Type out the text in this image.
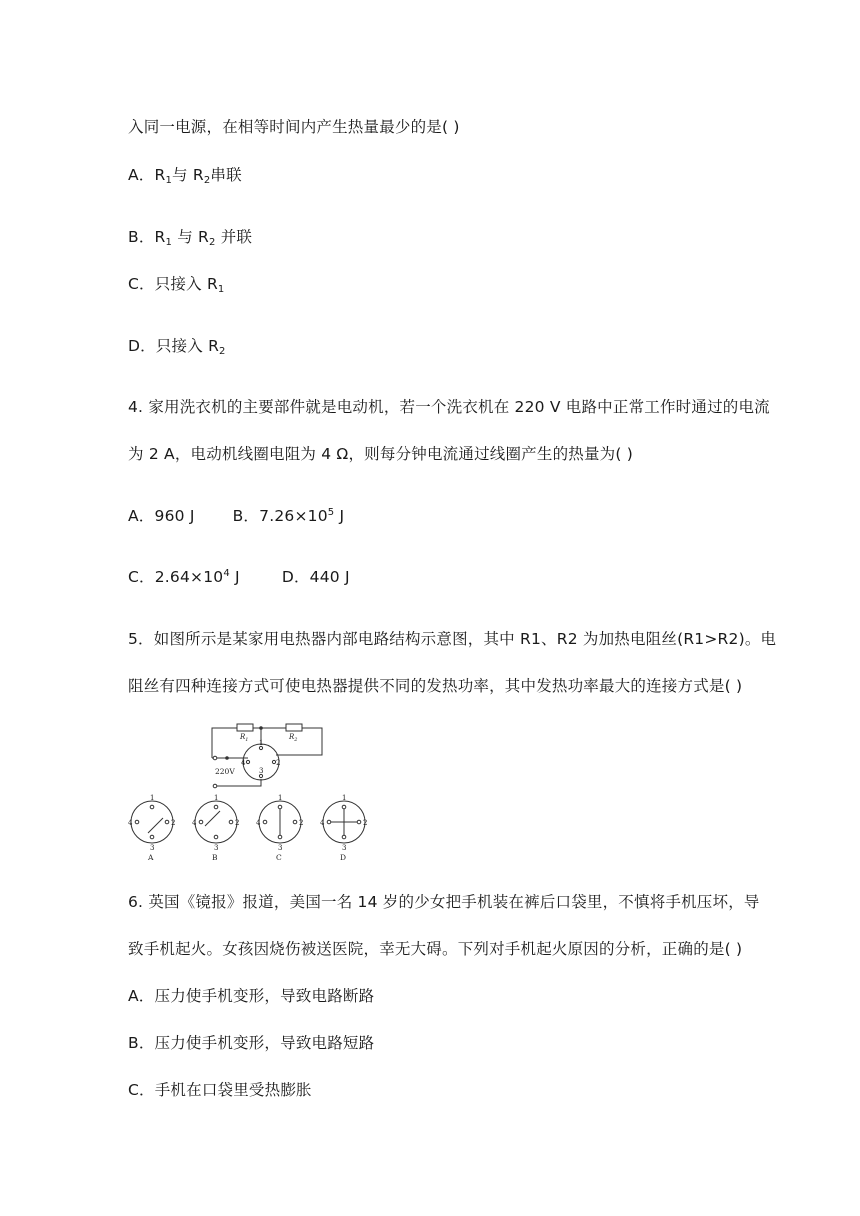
入同一电源，在相等时间内产生热量最少的是( )
A．$R_1$与 $R_2$串联
B．$R_1$ 与 $R_2$ 并联
C．只接入 $R_1$
D．只接入 $R_2$
4. 家用洗衣机的主要部件就是电动机，若一个洗衣机在 220 V 电路中正常工作时通过的电流
为 2 A，电动机线圈电阻为 4 Ω，则每分钟电流通过线圈产生的热量为( )
A．960 J B．$7.26\times 10^5$ J
C．$2.64\times 10^4$ J	D．440 J
5．如图所示是某家用电热器内部电路结构示意图，其中 R1、R2 为加热电阻丝(R1>R2)。电
阻丝有四种连接方式可使电热器提供不同的发热功率，其中发热功率最大的连接方式是( )
$R_1$	$R_2$
220V
1
2
3
4
1
2
3
4
A
1
2
3
4
B
1
2
3
4
C
1
2
3
4
D
6. 英国《镜报》报道，美国一名 14 岁的少女把手机装在裤后口袋里，不慎将手机压坏，导
致手机起火。女孩因烧伤被送医院，幸无大碍。下列对手机起火原因的分析，正确的是( )
A．压力使手机变形，导致电路断路
B．压力使手机变形，导致电路短路
C．手机在口袋里受热膨胀
